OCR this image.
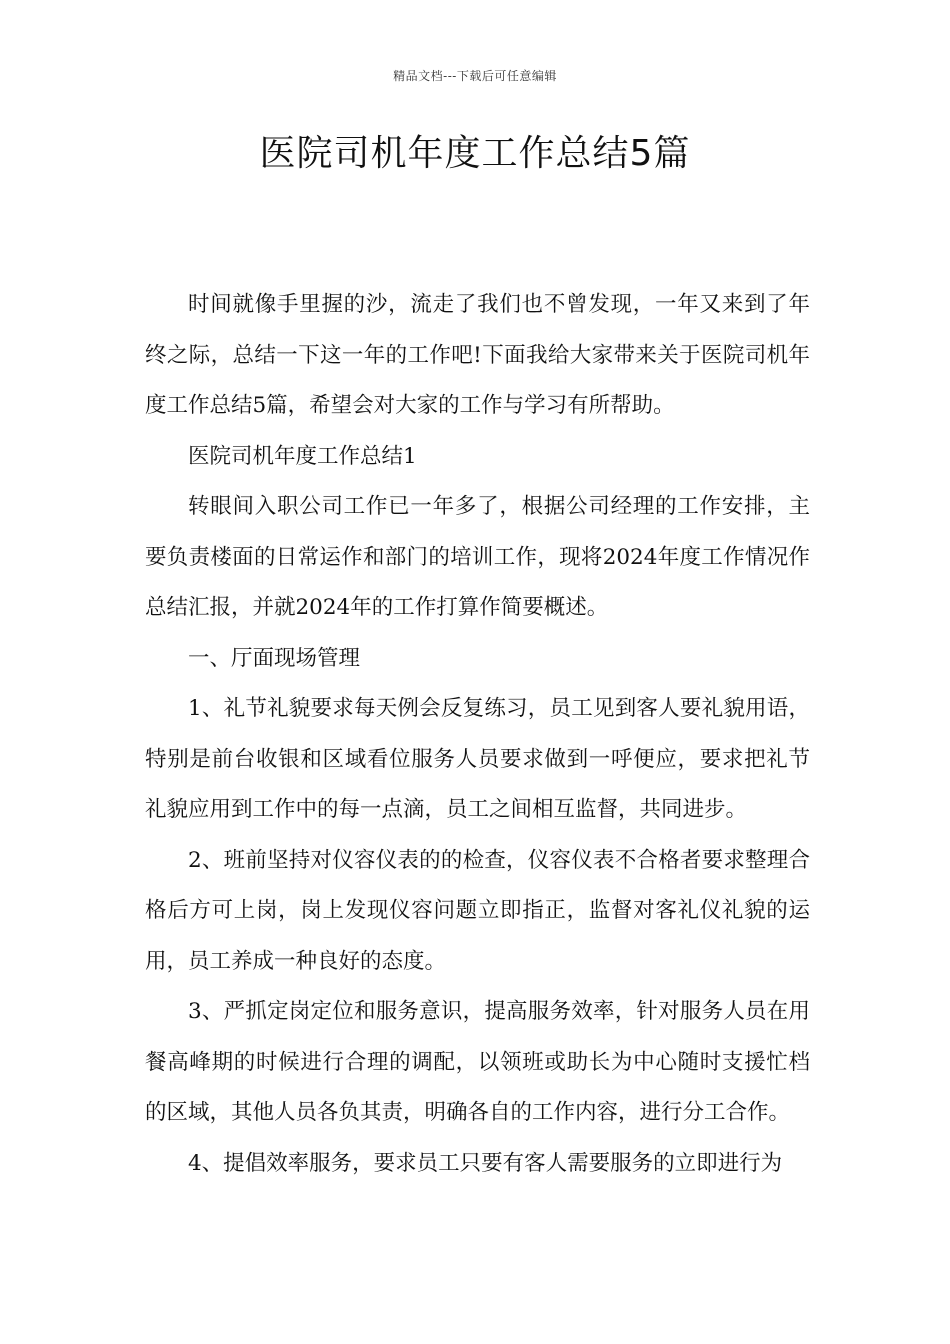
精品文档---下载后可任意编辑
医院司机年度工作总结5篇

时间就像手里握的沙，流走了我们也不曾发现，一年又来到了年终之际，总结一下这一年的工作吧!下面我给大家带来关于医院司机年度工作总结5篇，希望会对大家的工作与学习有所帮助。

医院司机年度工作总结1

转眼间入职公司工作已一年多了，根据公司经理的工作安排，主要负责楼面的日常运作和部门的培训工作，现将2024年度工作情况作总结汇报，并就2024年的工作打算作简要概述。

一、厅面现场管理

1、礼节礼貌要求每天例会反复练习，员工见到客人要礼貌用语，特别是前台收银和区域看位服务人员要求做到一呼便应，要求把礼节礼貌应用到工作中的每一点滴，员工之间相互监督，共同进步。

2、班前坚持对仪容仪表的的检查，仪容仪表不合格者要求整理合格后方可上岗，岗上发现仪容问题立即指正，监督对客礼仪礼貌的运用，员工养成一种良好的态度。

3、严抓定岗定位和服务意识，提高服务效率，针对服务人员在用餐高峰期的时候进行合理的调配，以领班或助长为中心随时支援忙档的区域，其他人员各负其责，明确各自的工作内容，进行分工合作。

4、提倡效率服务，要求员工只要有客人需要服务的立即进行为
